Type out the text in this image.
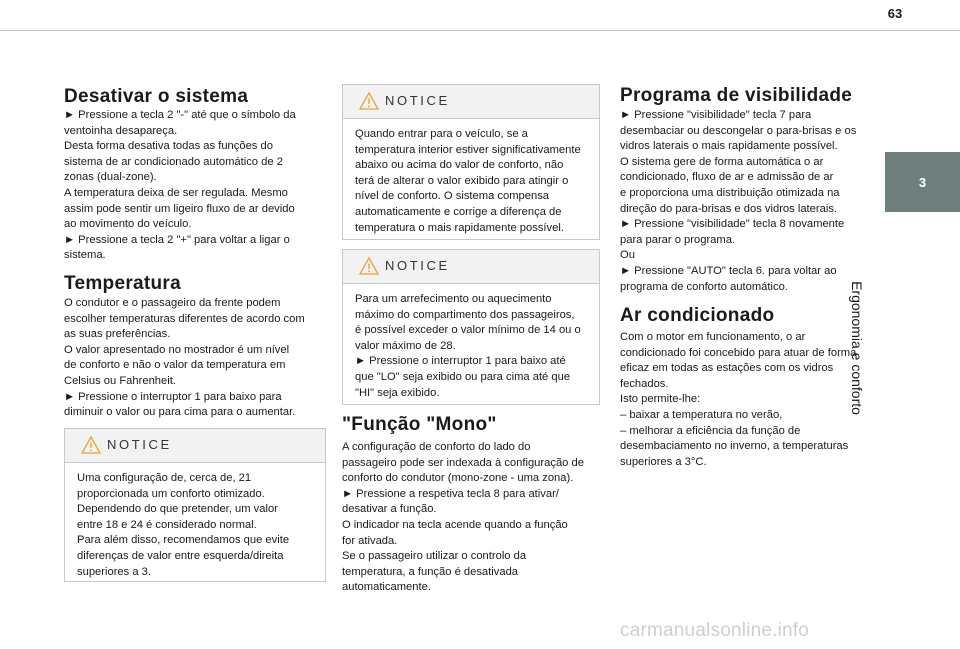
63
3
Ergonomia e conforto
Desativar o sistema

► Pressione a tecla 2 "-" até que o símbolo da

ventoinha desapareça.

Desta forma desativa todas as funções do

sistema de ar condicionado automático de 2

zonas (dual-zone).

A temperatura deixa de ser regulada. Mesmo

assim pode sentir um ligeiro fluxo de ar devido

ao movimento do veículo.

► Pressione a tecla 2 "+" para voltar a ligar o

sistema.

Temperatura

O condutor e o passageiro da frente podem

escolher temperaturas diferentes de acordo com

as suas preferências.

O valor apresentado no mostrador é um nível

de conforto e não o valor da temperatura em

Celsius ou Fahrenheit.

► Pressione o interruptor 1 para baixo para

diminuir o valor ou para cima para o aumentar.

NOTICE

Uma configuração de, cerca de, 21

proporcionada um conforto otimizado.

Dependendo do que pretender, um valor

entre 18 e 24 é considerado normal.

Para além disso, recomendamos que evite

diferenças de valor entre esquerda/direita

superiores a 3.

NOTICE

Quando entrar para o veículo, se a

temperatura interior estiver significativamente

abaixo ou acima do valor de conforto, não

terá de alterar o valor exibido para atingir o

nível de conforto. O sistema compensa

automaticamente e corrige a diferença de

temperatura o mais rapidamente possível.

NOTICE

Para um arrefecimento ou aquecimento

máximo do compartimento dos passageiros,

é possível exceder o valor mínimo de 14 ou o

valor máximo de 28.

► Pressione o interruptor 1 para baixo até

que "LO" seja exibido ou para cima até que

"HI" seja exibido.

"Função "Mono"

A configuração de conforto do lado do

passageiro pode ser indexada à configuração de

conforto do condutor (mono-zone - uma zona).

► Pressione a respetiva tecla 8 para ativar/

desativar a função.

O indicador na tecla acende quando a função

for ativada.

Se o passageiro utilizar o controlo da

temperatura, a função é desativada

automaticamente.

Programa de visibilidade

► Pressione "visibilidade" tecla 7 para

desembaciar ou descongelar o para-brisas e os

vidros laterais o mais rapidamente possível.

O sistema gere de forma automática o ar

condicionado, fluxo de ar e admissão de ar

e proporciona uma distribuição otimizada na

direção do para-brisas e dos vidros laterais.

► Pressione "visibilidade" tecla 8 novamente

para parar o programa.

Ou

► Pressione "AUTO" tecla 6. para voltar ao

programa de conforto automático.

Ar condicionado

Com o motor em funcionamento, o ar

condicionado foi concebido para atuar de forma

eficaz em todas as estações com os vidros

fechados.

Isto permite-lhe:

– baixar a temperatura no verão,

– melhorar a eficiência da função de

desembaciamento no inverno, a temperaturas

superiores a 3°C.

carmanualsonline.info
